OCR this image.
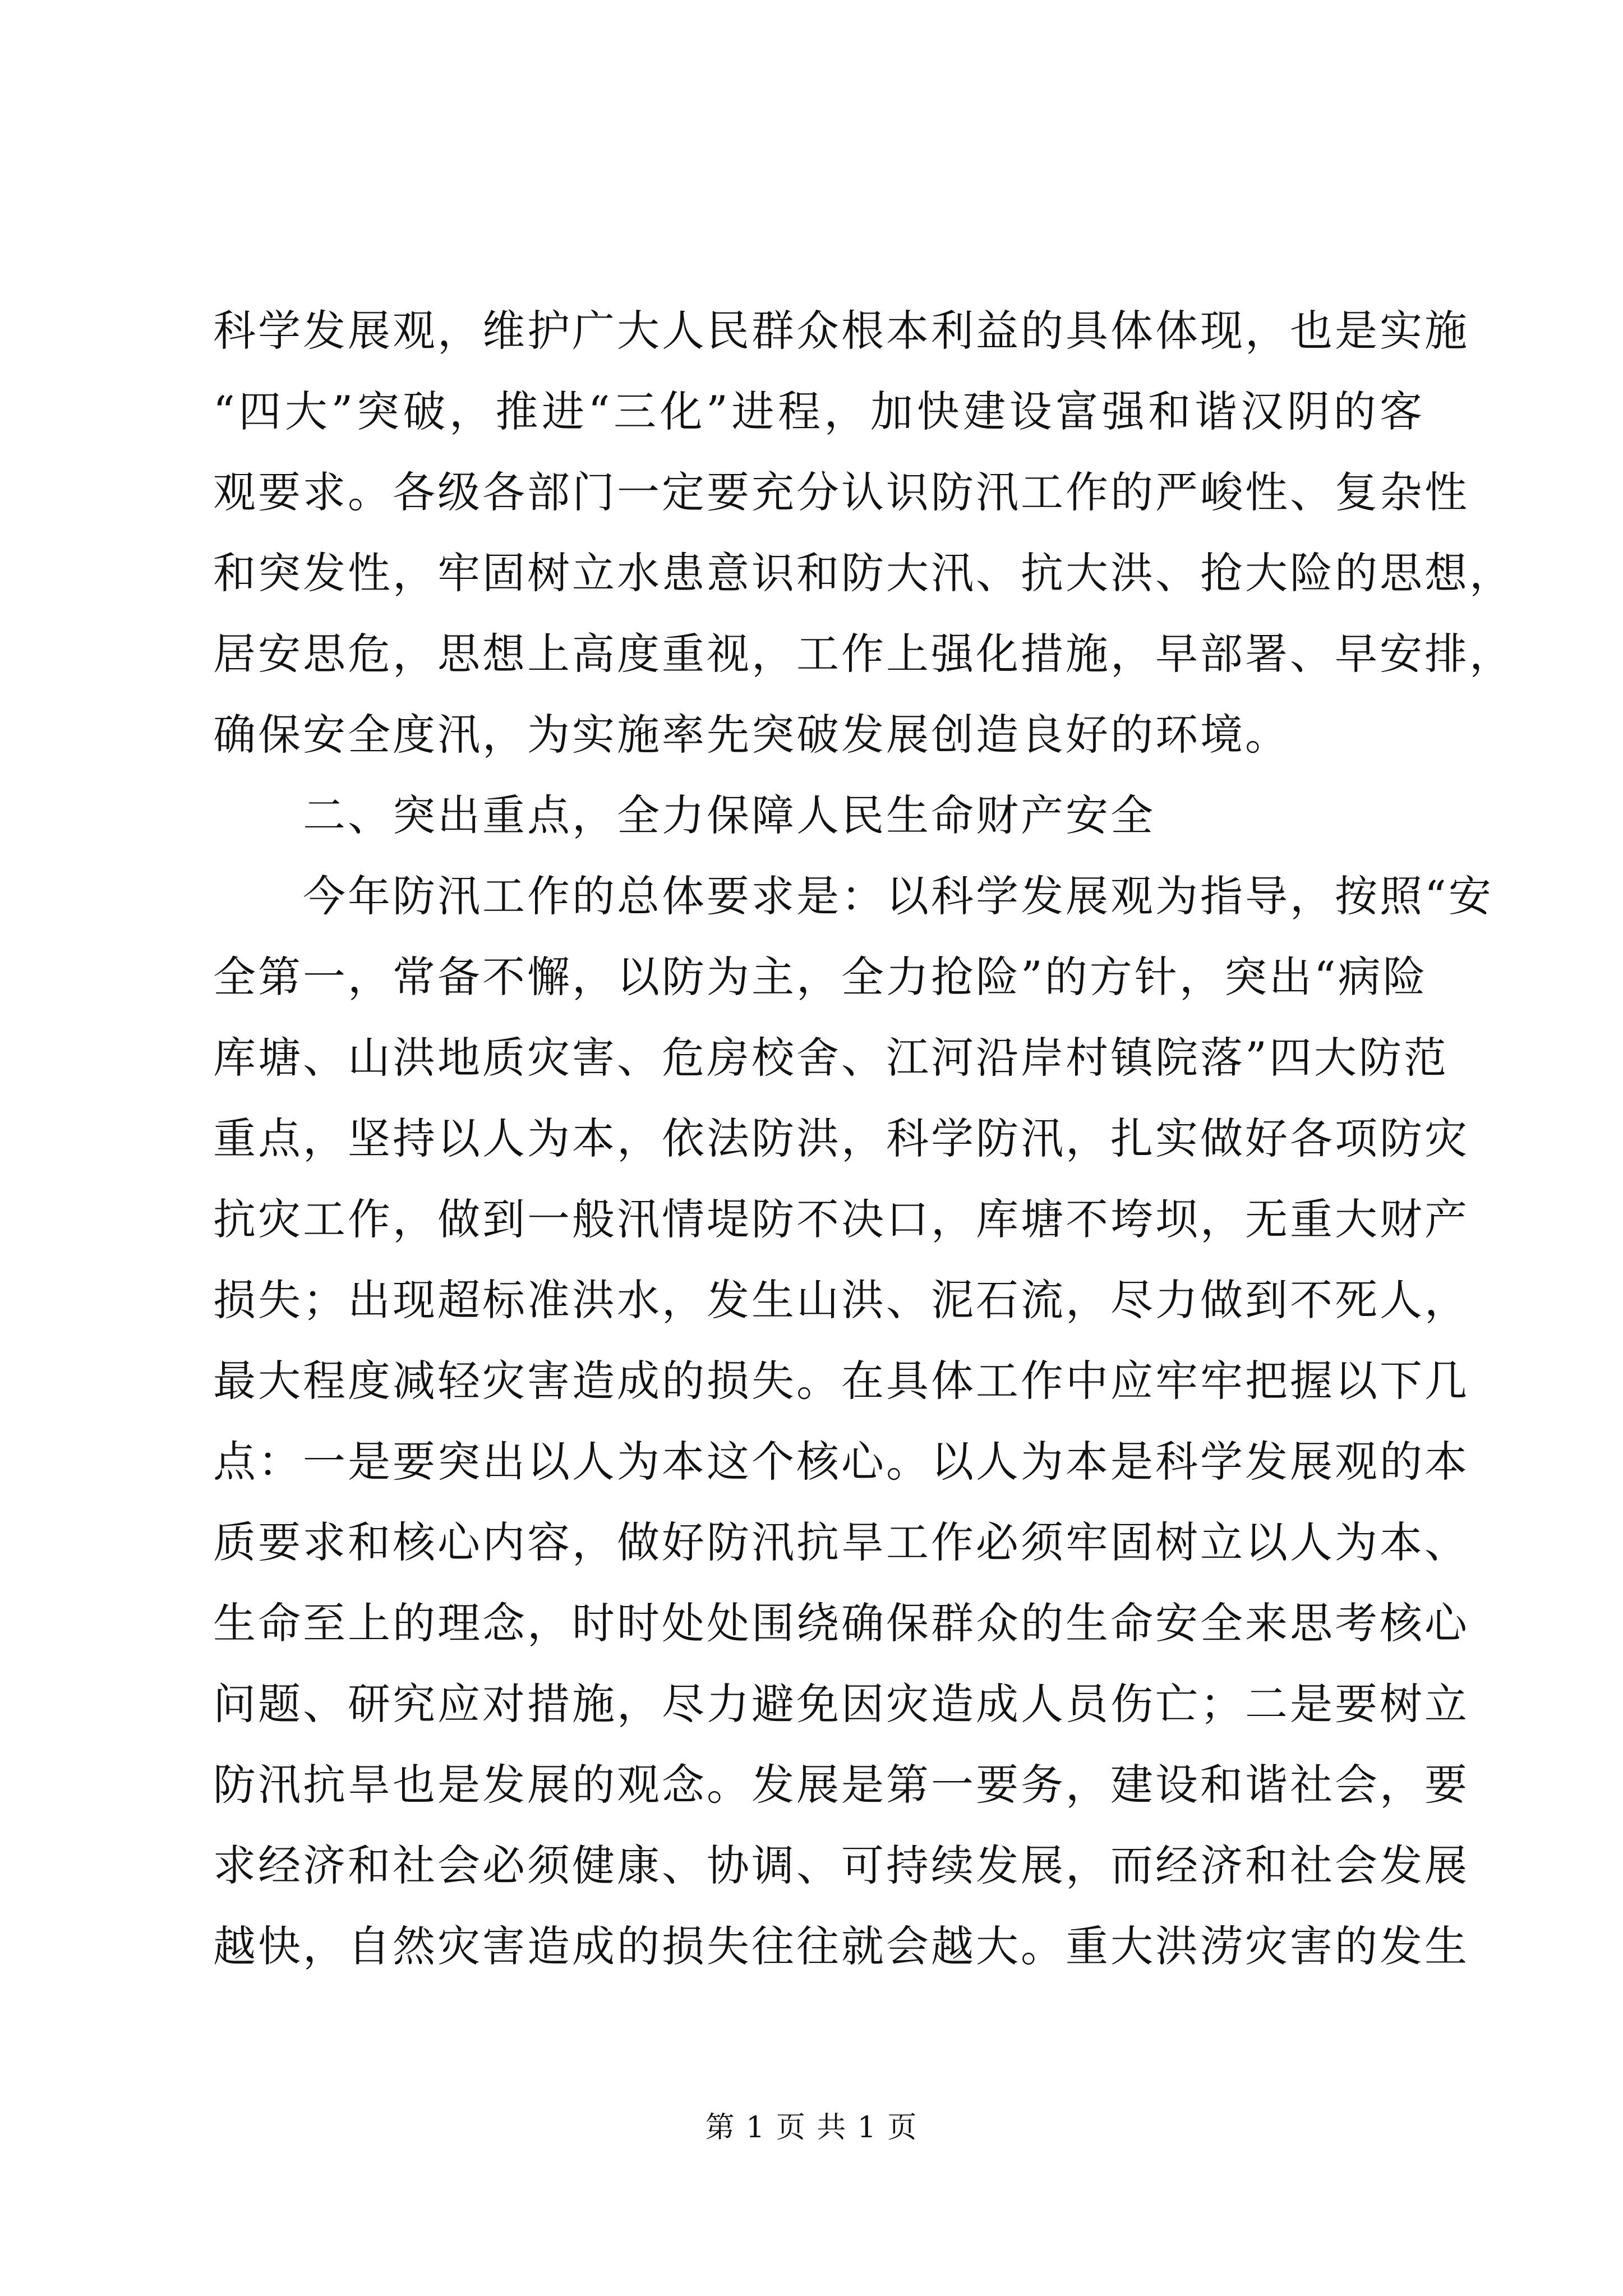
科学发展观，维护广大人民群众根本利益的具体体现，也是实施
“四大”突破，推进“三化”进程，加快建设富强和谐汉阴的客
观要求。各级各部门一定要充分认识防汛工作的严峻性、复杂性
和突发性，牢固树立水患意识和防大汛、抗大洪、抢大险的思想，
居安思危，思想上高度重视，工作上强化措施，早部署、早安排，
确保安全度汛，为实施率先突破发展创造良好的环境。
二、突出重点，全力保障人民生命财产安全
今年防汛工作的总体要求是：以科学发展观为指导，按照“安
全第一，常备不懈，以防为主，全力抢险”的方针，突出“病险
库塘、山洪地质灾害、危房校舍、江河沿岸村镇院落”四大防范
重点，坚持以人为本，依法防洪，科学防汛，扎实做好各项防灾
抗灾工作，做到一般汛情堤防不决口，库塘不垮坝，无重大财产
损失；出现超标准洪水，发生山洪、泥石流，尽力做到不死人，
最大程度减轻灾害造成的损失。在具体工作中应牢牢把握以下几
点：一是要突出以人为本这个核心。以人为本是科学发展观的本
质要求和核心内容，做好防汛抗旱工作必须牢固树立以人为本、
生命至上的理念，时时处处围绕确保群众的生命安全来思考核心
问题、研究应对措施，尽力避免因灾造成人员伤亡；二是要树立
防汛抗旱也是发展的观念。发展是第一要务，建设和谐社会，要
求经济和社会必须健康、协调、可持续发展，而经济和社会发展
越快，自然灾害造成的损失往往就会越大。重大洪涝灾害的发生
第 1 页 共 1 页
